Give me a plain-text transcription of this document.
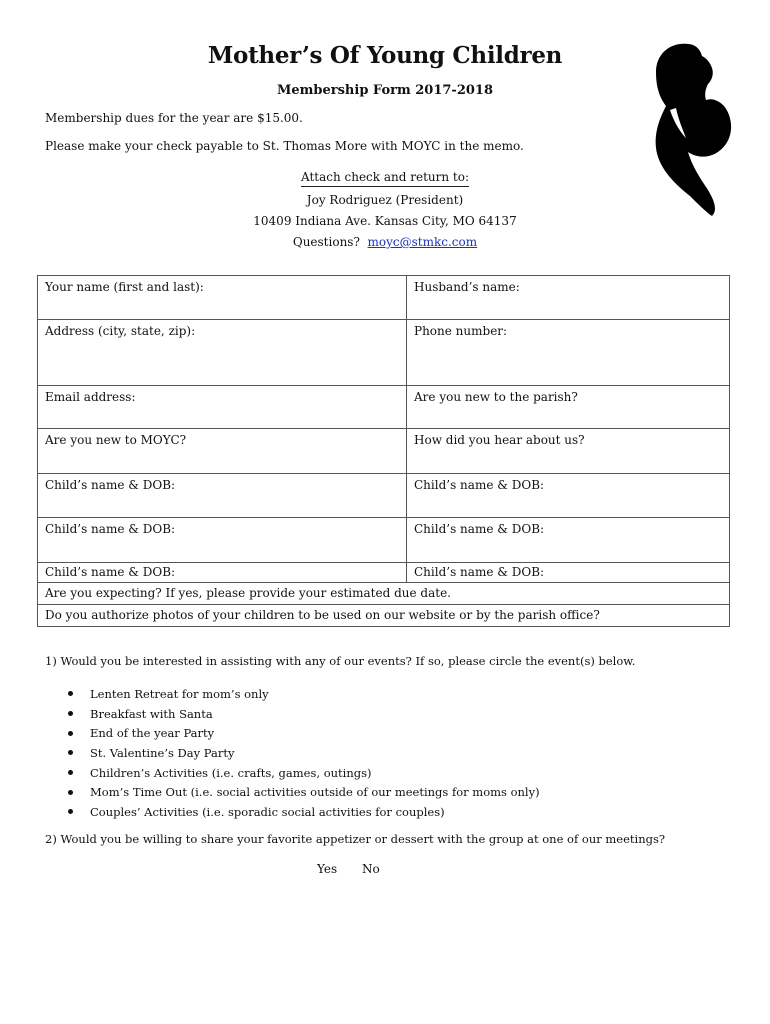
Mother’s Of Young Children
Membership Form 2017-2018
Membership dues for the year are $15.00.
Please make your check payable to St. Thomas More with MOYC in the memo.
Attach check and return to:
Joy Rodriguez (President)
10409 Indiana Ave. Kansas City, MO 64137
Questions? moyc@stmkc.com
Your name (first and last):	Husband’s name:
Address (city, state, zip):	Phone number:
Email address:	Are you new to the parish?
Are you new to MOYC?	How did you hear about us?
Child’s name & DOB:	Child’s name & DOB:
Child’s name & DOB:	Child’s name & DOB:
Child’s name & DOB:	Child’s name & DOB:
Are you expecting? If yes, please provide your estimated due date.	
Do you authorize photos of your children to be used on our website or by the parish office?	
1) Would you be interested in assisting with any of our events? If so, please circle the event(s) below.
Lenten Retreat for mom’s only
Breakfast with Santa
End of the year Party
St. Valentine’s Day Party
Children’s Activities (i.e. crafts, games, outings)
Mom’s Time Out (i.e. social activities outside of our meetings for moms only)
Couples’ Activities (i.e. sporadic social activities for couples)
2) Would you be willing to share your favorite appetizer or dessert with the group at one of our meetings?
Yes No
